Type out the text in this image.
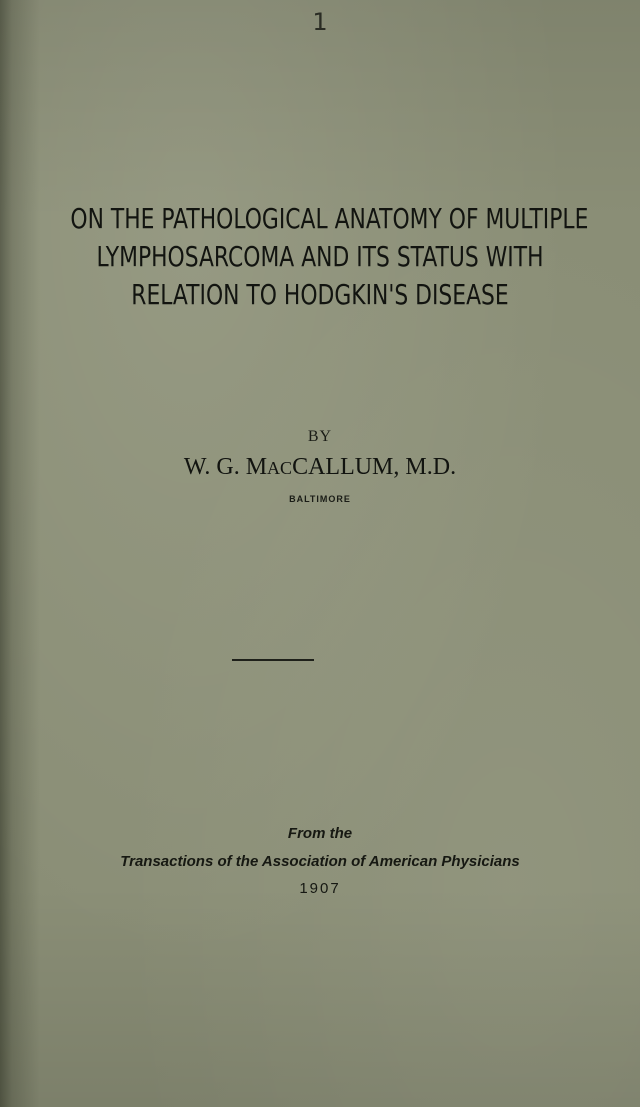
1
ON THE PATHOLOGICAL ANATOMY OF MULTIPLE
LYMPHOSARCOMA AND ITS STATUS WITH
RELATION TO HODGKIN'S DISEASE
BY
W. G. MACCALLUM, M.D.
BALTIMORE
From the
Transactions of the Association of American Physicians
1907
